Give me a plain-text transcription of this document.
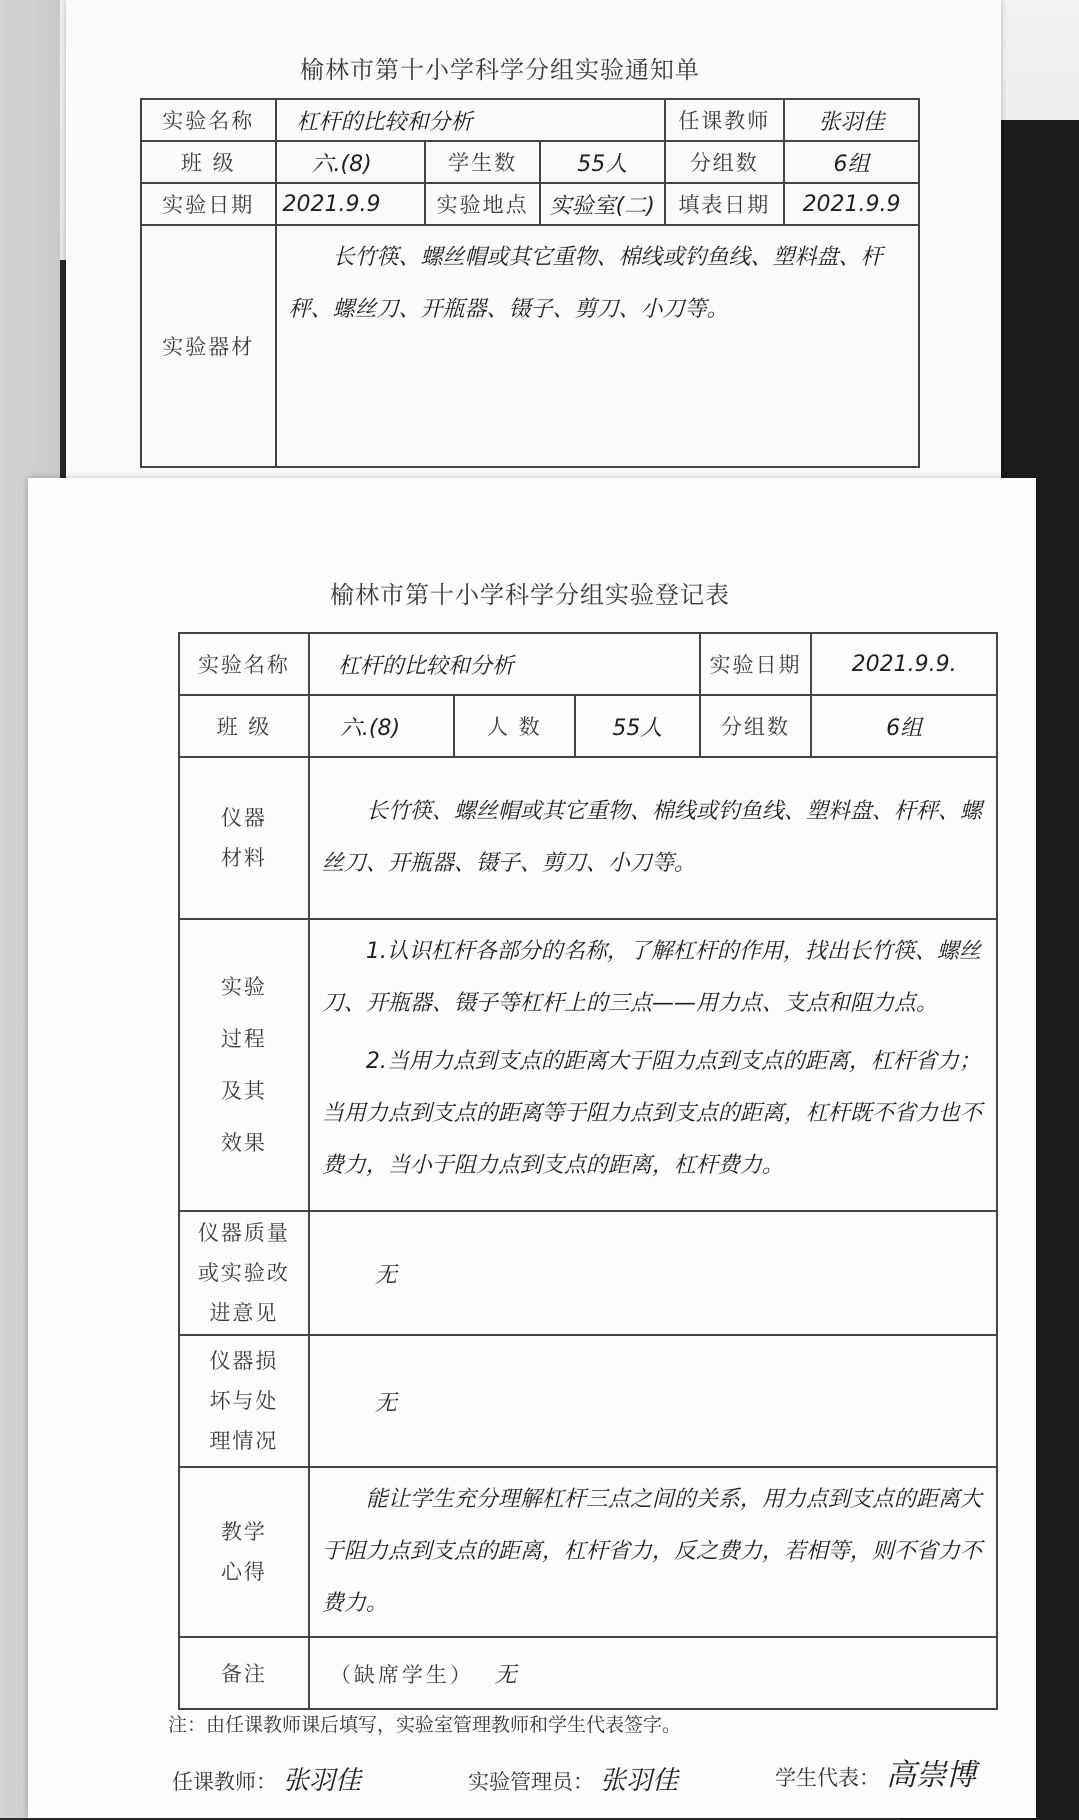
榆林市第十小学科学分组实验通知单
实验名称	杠杆的比较和分析			任课教师	张羽佳
班 级	六.(8)	学生数	55人	分组数	6组
实验日期	2021.9.9	实验地点	实验室(二)	填表日期	2021.9.9
实验器材	长竹筷、螺丝帽或其它重物、棉线或钓鱼线、塑料盘、杆秤、螺丝刀、开瓶器、镊子、剪刀、小刀等。				
榆林市第十小学科学分组实验登记表
实验名称	杠杆的比较和分析			实验日期	2021.9.9.
班 级	六.(8)	人 数	55人	分组数	6组
仪器材料	长竹筷、螺丝帽或其它重物、棉线或钓鱼线、塑料盘、杆秤、螺丝刀、开瓶器、镊子、剪刀、小刀等。				

实验过程及其效果	1.认识杠杆各部分的名称，了解杠杆的作用，找出长竹筷、螺丝刀、开瓶器、镊子等杠杆上的三点——用力点、支点和阻力点。
2.当用力点到支点的距离大于阻力点到支点的距离，杠杆省力；当用力点到支点的距离等于阻力点到支点的距离，杠杆既不省力也不费力，当小于阻力点到支点的距离，杠杆费力。				

仪器质量或实验改进意见	无				
仪器损坏与处理情况	无				
教学心得	能让学生充分理解杠杆三点之间的关系，用力点到支点的距离大于阻力点到支点的距离，杠杆省力，反之费力，若相等，则不省力不费力。				

备注	（缺席学生） 无				
注：由任课教师课后填写，实验室管理教师和学生代表签字。
任课教师： 张羽佳	实验管理员： 张羽佳	学生代表： 高崇博
